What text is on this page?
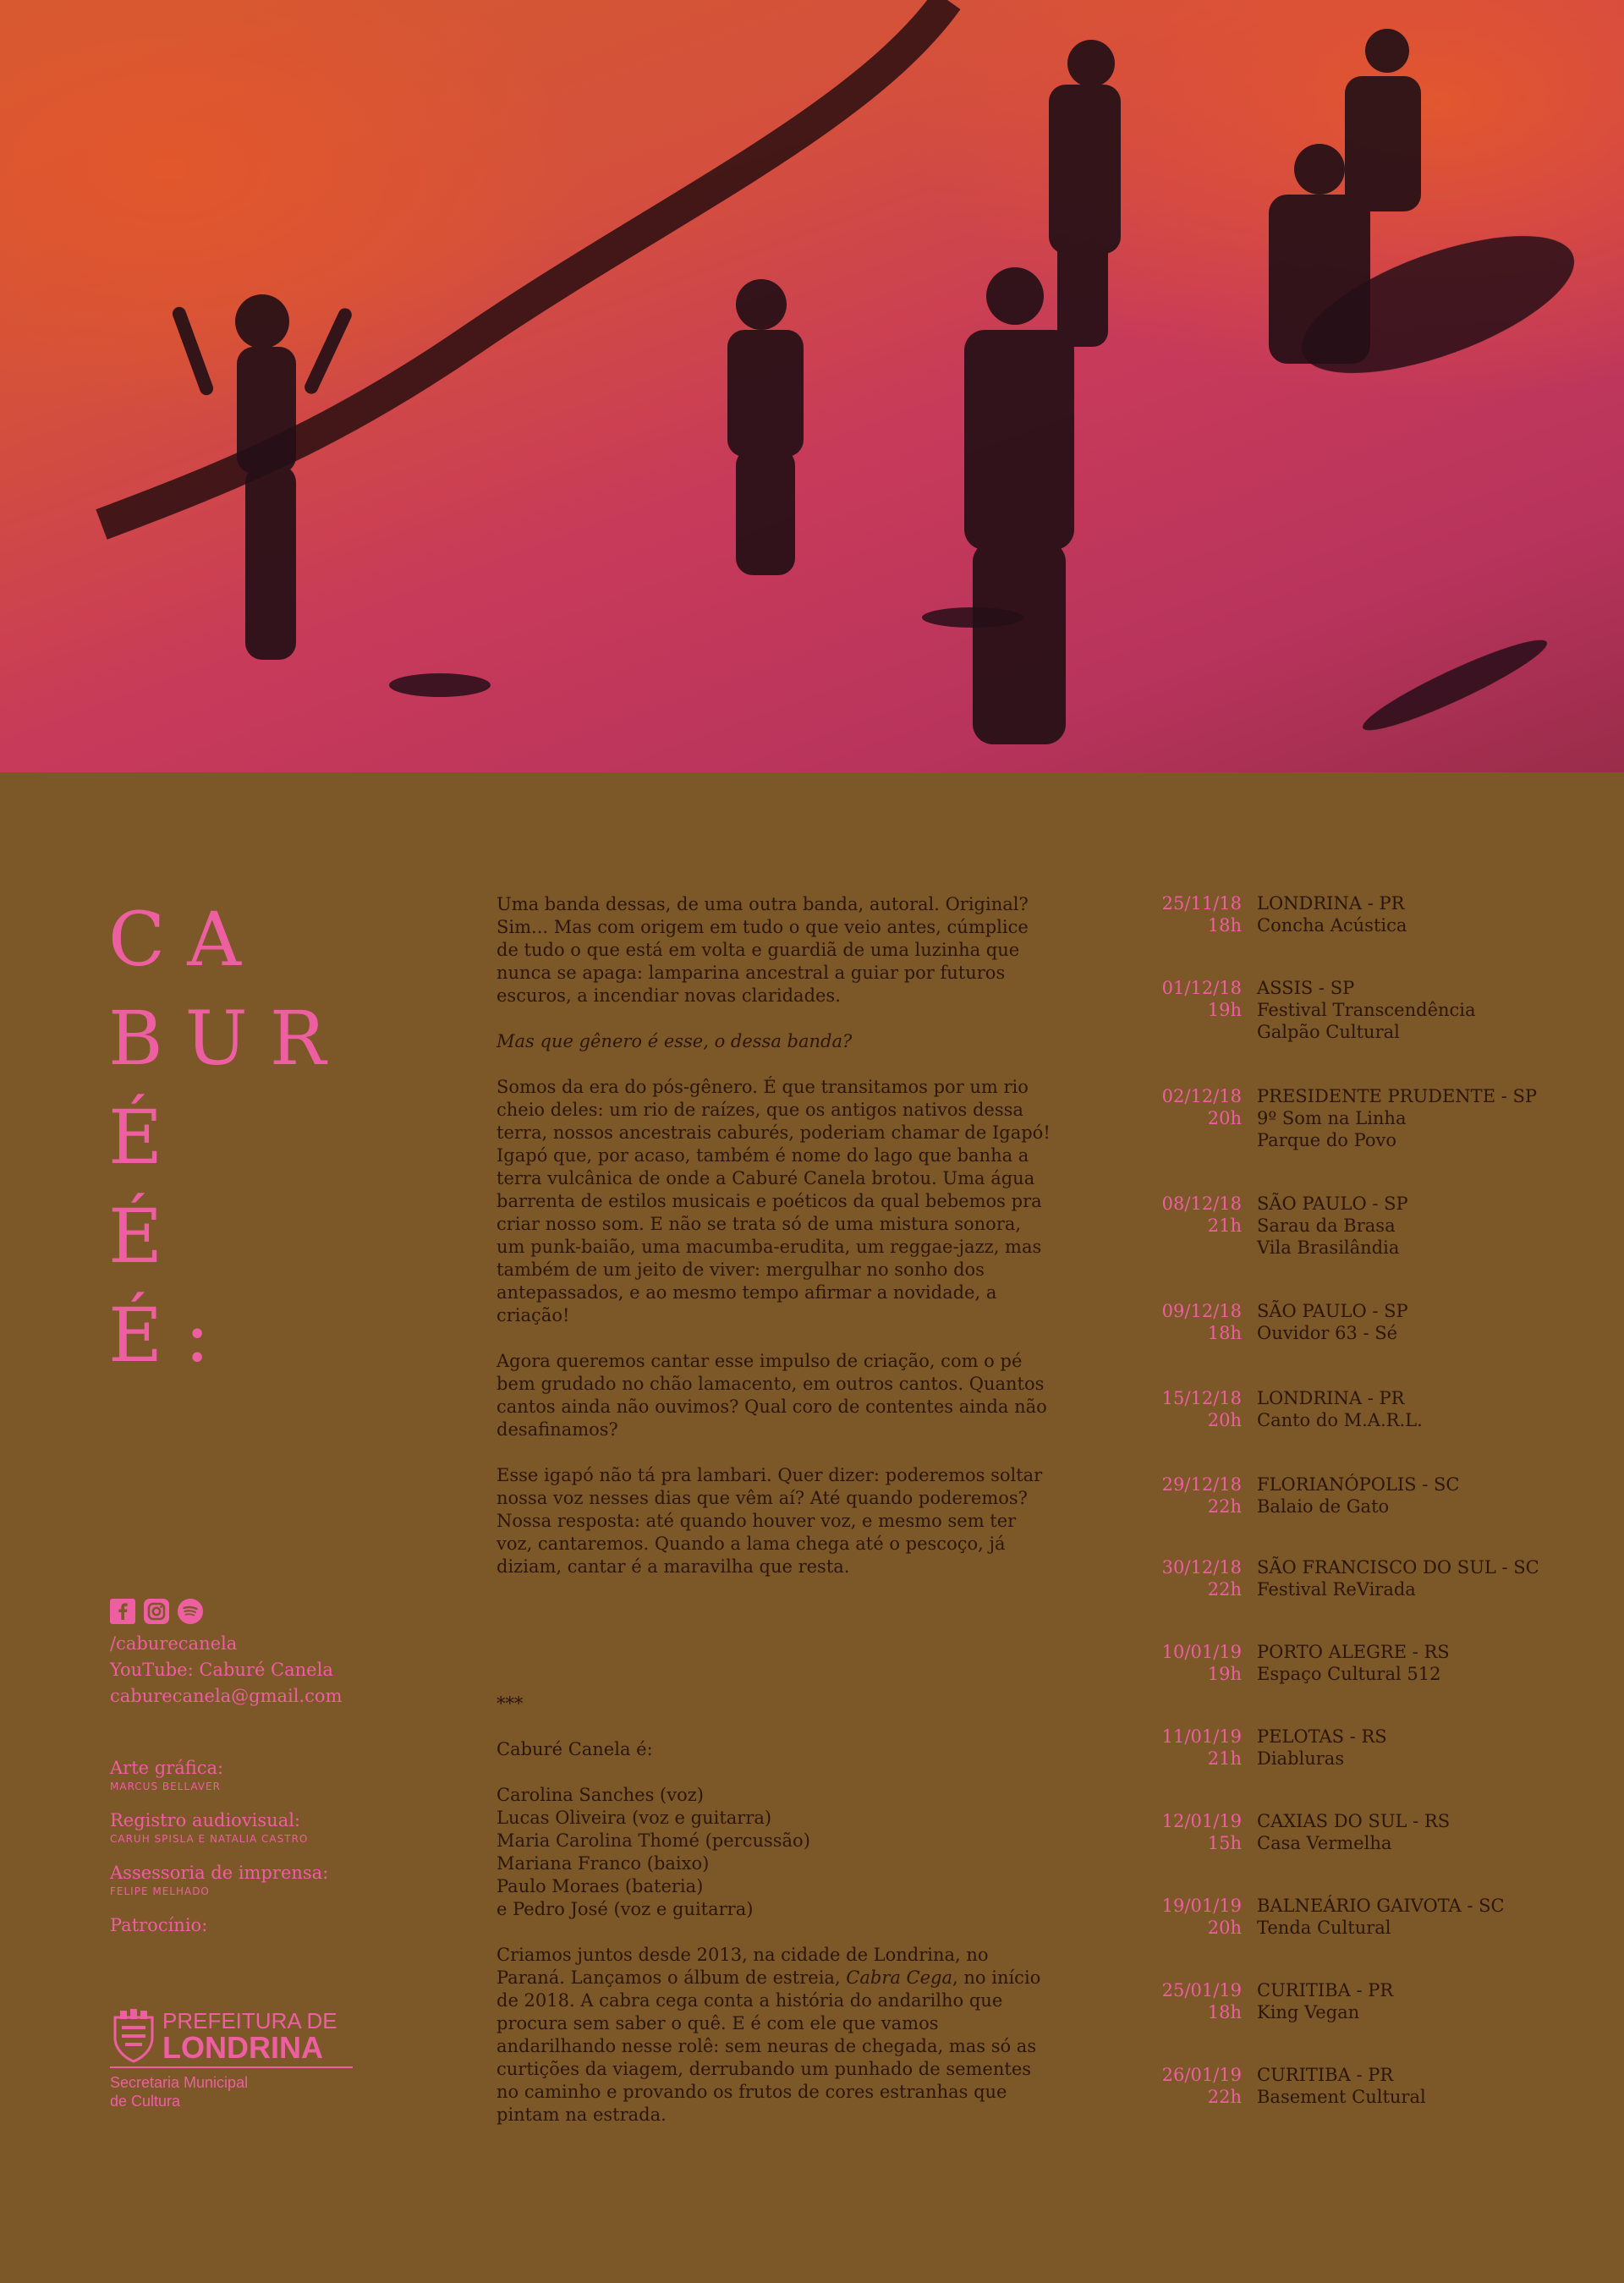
CA
BUR
É
É
É:
/caburecanela
YouTube: Caburé Canela
caburecanela@gmail.com
Arte gráfica:
MARCUS BELLAVER
Registro audiovisual:
CARUH SPISLA E NATALIA CASTRO
Assessoria de imprensa:
FELIPE MELHADO
Patrocínio:
PREFEITURA DE
LONDRINA
Secretaria Municipal
de Cultura

Uma banda dessas, de uma outra banda, autoral. Original? Sim... Mas com origem em tudo o que veio antes, cúmplice de tudo o que está em volta e guardiã de uma luzinha que nunca se apaga: lamparina ancestral a guiar por futuros escuros, a incendiar novas claridades.

Mas que gênero é esse, o dessa banda?

Somos da era do pós-gênero. É que transitamos por um rio cheio deles: um rio de raízes, que os antigos nativos dessa terra, nossos ancestrais caburés, poderiam chamar de Igapó! Igapó que, por acaso, também é nome do lago que banha a terra vulcânica de onde a Caburé Canela brotou. Uma água barrenta de estilos musicais e poéticos da qual bebemos pra criar nosso som. E não se trata só de uma mistura sonora, um punk-baião, uma macumba-erudita, um reggae-jazz, mas também de um jeito de viver: mergulhar no sonho dos antepassados, e ao mesmo tempo afirmar a novidade, a criação!

Agora queremos cantar esse impulso de criação, com o pé bem grudado no chão lamacento, em outros cantos. Quantos cantos ainda não ouvimos? Qual coro de contentes ainda não desafinamos?

Esse igapó não tá pra lambari. Quer dizer: poderemos soltar nossa voz nesses dias que vêm aí? Até quando poderemos? Nossa resposta: até quando houver voz, e mesmo sem ter voz, cantaremos. Quando a lama chega até o pescoço, já diziam, cantar é a maravilha que resta.

***

Caburé Canela é:

Carolina Sanches (voz)
Lucas Oliveira (voz e guitarra)
Maria Carolina Thomé (percussão)
Mariana Franco (baixo)
Paulo Moraes (bateria)
e Pedro José (voz e guitarra)

Criamos juntos desde 2013, na cidade de Londrina, no Paraná. Lançamos o álbum de estreia, Cabra Cega, no início de 2018. A cabra cega conta a história do andarilho que procura sem saber o quê. E é com ele que vamos andarilhando nesse rolê: sem neuras de chegada, mas só as curtições da viagem, derrubando um punhado de sementes no caminho e provando os frutos de cores estranhas que pintam na estrada.

25/11/18 LONDRINA - PR
18h Concha Acústica
01/12/18 ASSIS - SP
19h Festival Transcendência
Galpão Cultural
02/12/18 PRESIDENTE PRUDENTE - SP
20h 9º Som na Linha
Parque do Povo
08/12/18 SÃO PAULO - SP
21h Sarau da Brasa
Vila Brasilândia
09/12/18 SÃO PAULO - SP
18h Ouvidor 63 - Sé
15/12/18 LONDRINA - PR
20h Canto do M.A.R.L.
29/12/18 FLORIANÓPOLIS - SC
22h Balaio de Gato
30/12/18 SÃO FRANCISCO DO SUL - SC
22h Festival ReVirada
10/01/19 PORTO ALEGRE - RS
19h Espaço Cultural 512
11/01/19 PELOTAS - RS
21h Diabluras
12/01/19 CAXIAS DO SUL - RS
15h Casa Vermelha
19/01/19 BALNEÁRIO GAIVOTA - SC
20h Tenda Cultural
25/01/19 CURITIBA - PR
18h King Vegan
26/01/19 CURITIBA - PR
22h Basement Cultural
